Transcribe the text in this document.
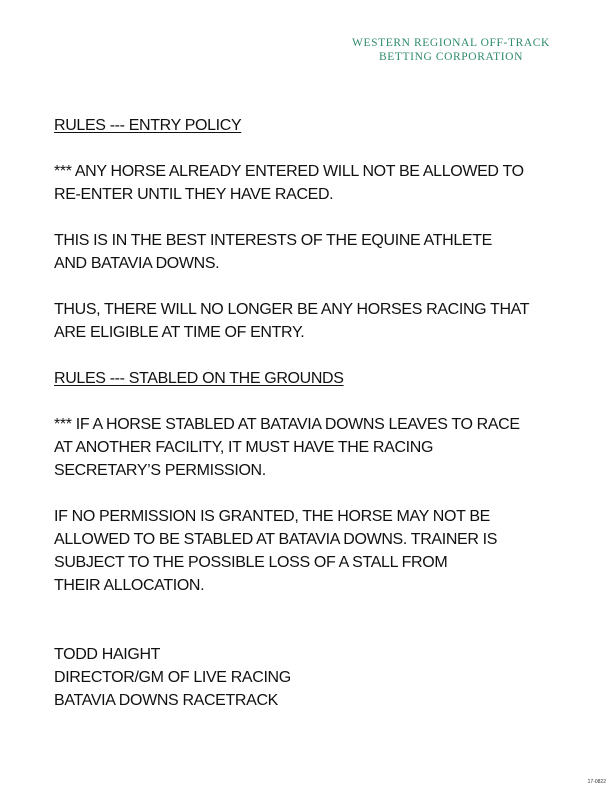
WESTERN REGIONAL OFF-TRACK
BETTING CORPORATION
RULES --- ENTRY POLICY
*** ANY HORSE ALREADY ENTERED WILL NOT BE ALLOWED TO
RE-ENTER UNTIL THEY HAVE RACED.
THIS IS IN THE BEST INTERESTS OF THE EQUINE ATHLETE
AND BATAVIA DOWNS.
THUS, THERE WILL NO LONGER BE ANY HORSES RACING THAT
ARE ELIGIBLE AT TIME OF ENTRY.
RULES --- STABLED ON THE GROUNDS
*** IF A HORSE STABLED AT BATAVIA DOWNS LEAVES TO RACE
AT ANOTHER FACILITY, IT MUST HAVE THE RACING
SECRETARY’S PERMISSION.
IF NO PERMISSION IS GRANTED, THE HORSE MAY NOT BE
ALLOWED TO BE STABLED AT BATAVIA DOWNS. TRAINER IS
SUBJECT TO THE POSSIBLE LOSS OF A STALL FROM
THEIR ALLOCATION.
TODD HAIGHT
DIRECTOR/GM OF LIVE RACING
BATAVIA DOWNS RACETRACK
17-0822
